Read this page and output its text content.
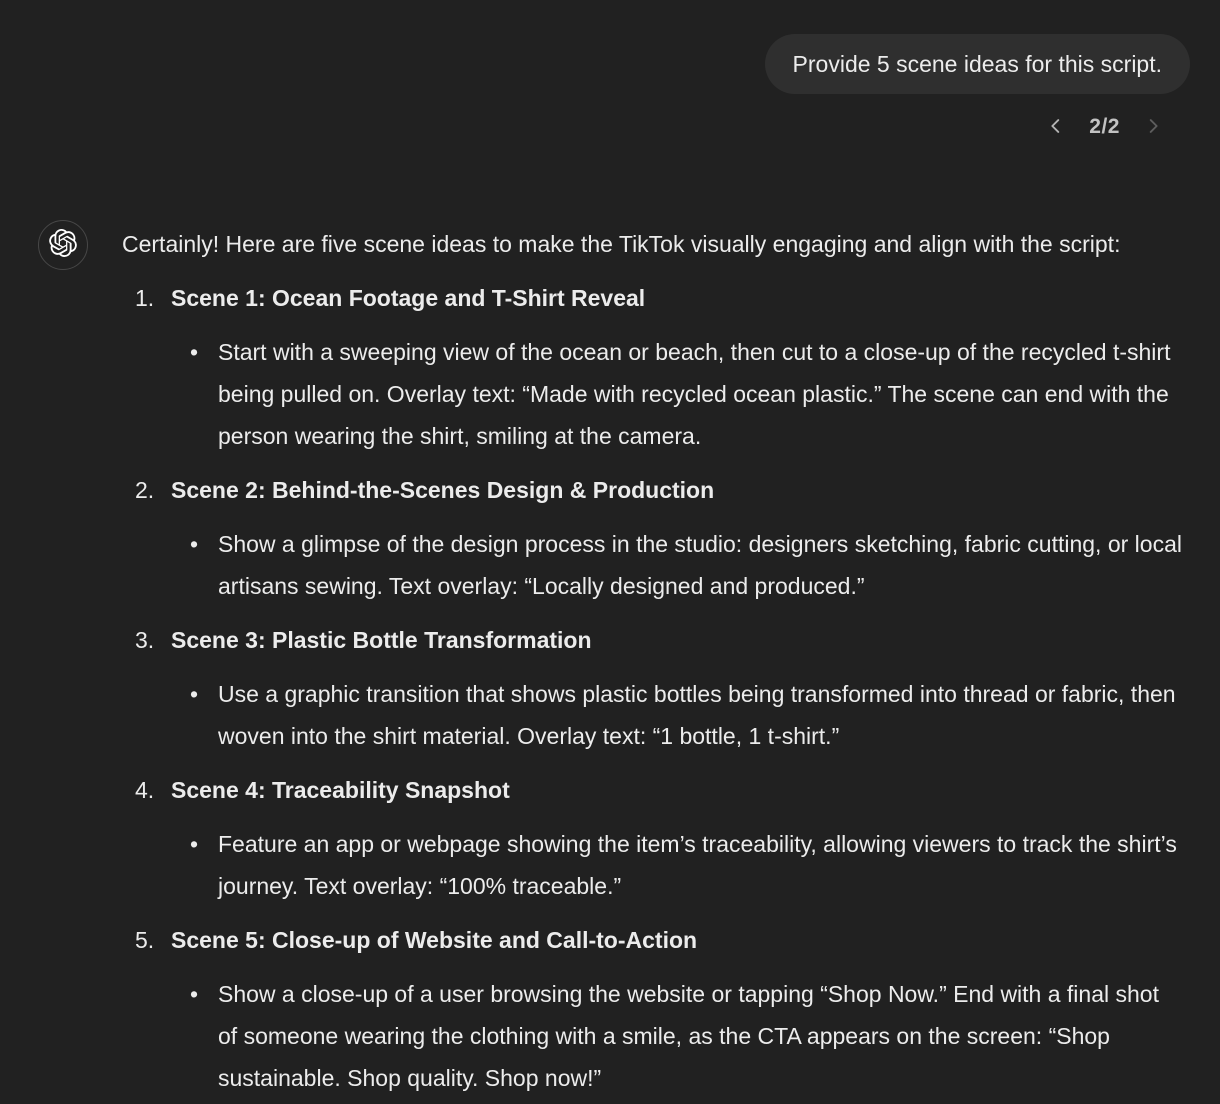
Provide 5 scene ideas for this script.
2/2

Certainly! Here are five scene ideas to make the TikTok visually engaging and align with the script:

1. Scene 1: Ocean Footage and T-Shirt Reveal
• Start with a sweeping view of the ocean or beach, then cut to a close-up of the recycled t-shirt being pulled on. Overlay text: “Made with recycled ocean plastic.” The scene can end with the person wearing the shirt, smiling at the camera.

2. Scene 2: Behind-the-Scenes Design & Production
• Show a glimpse of the design process in the studio: designers sketching, fabric cutting, or local artisans sewing. Text overlay: “Locally designed and produced.”

3. Scene 3: Plastic Bottle Transformation
• Use a graphic transition that shows plastic bottles being transformed into thread or fabric, then woven into the shirt material. Overlay text: “1 bottle, 1 t-shirt.”

4. Scene 4: Traceability Snapshot
• Feature an app or webpage showing the item’s traceability, allowing viewers to track the shirt’s journey. Text overlay: “100% traceable.”

5. Scene 5: Close-up of Website and Call-to-Action
• Show a close-up of a user browsing the website or tapping “Shop Now.” End with a final shot of someone wearing the clothing with a smile, as the CTA appears on the screen: “Shop sustainable. Shop quality. Shop now!”
